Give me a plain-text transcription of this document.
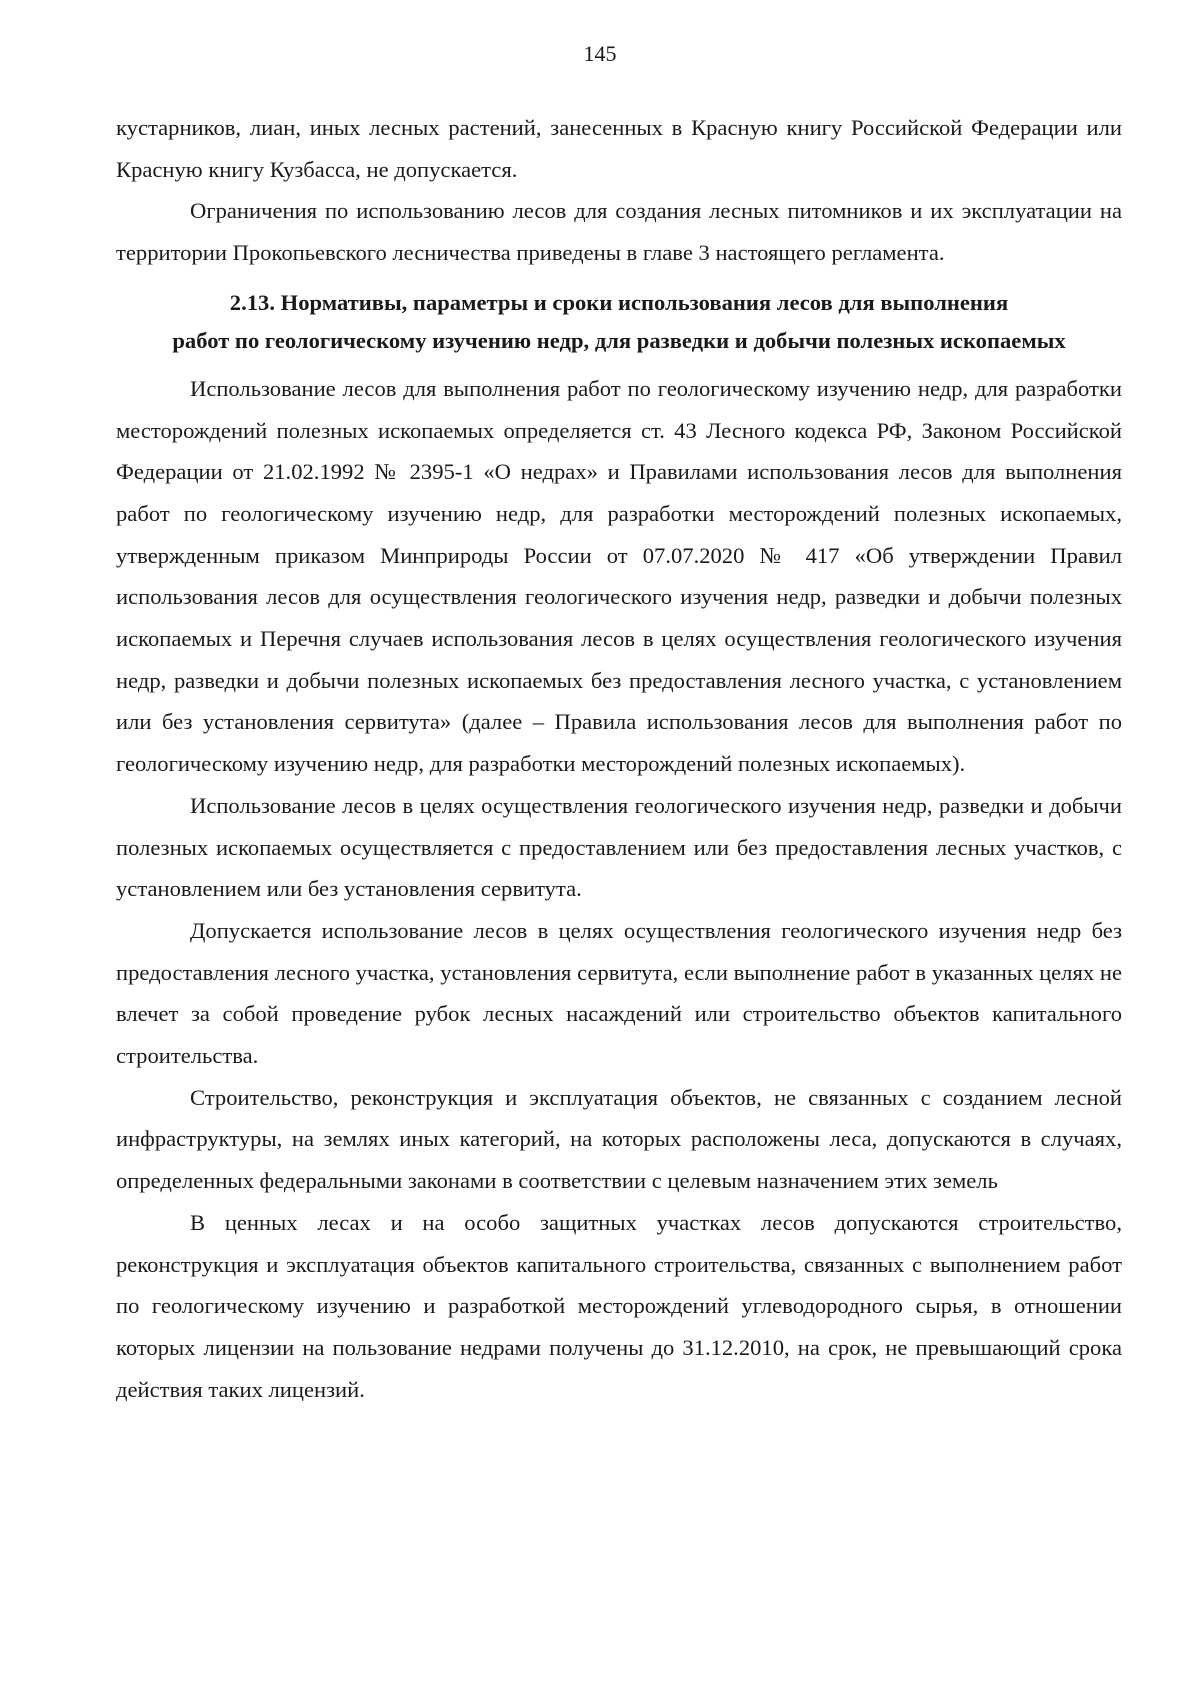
145

кустарников, лиан, иных лесных растений, занесенных в Красную книгу Российской Федерации или Красную книгу Кузбасса, не допускается.

Ограничения по использованию лесов для создания лесных питомников и их эксплуатации на территории Прокопьевского лесничества приведены в главе 3 настоящего регламента.

2.13. Нормативы, параметры и сроки использования лесов для выполнения
работ по геологическому изучению недр, для разведки и добычи полезных ископаемых

Использование лесов для выполнения работ по геологическому изучению недр, для разработки месторождений полезных ископаемых определяется ст. 43 Лесного кодекса РФ, Законом Российской Федерации от 21.02.1992 № 2395-1 «О недрах» и Правилами использования лесов для выполнения работ по геологическому изучению недр, для разработки месторождений полезных ископаемых, утвержденным приказом Минприроды России от 07.07.2020 № 417 «Об утверждении Правил использования лесов для осуществления геологического изучения недр, разведки и добычи полезных ископаемых и Перечня случаев использования лесов в целях осуществления геологического изучения недр, разведки и добычи полезных ископаемых без предоставления лесного участка, с установлением или без установления сервитута» (далее – Правила использования лесов для выполнения работ по геологическому изучению недр, для разработки месторождений полезных ископаемых).

Использование лесов в целях осуществления геологического изучения недр, разведки и добычи полезных ископаемых осуществляется с предоставлением или без предоставления лесных участков, с установлением или без установления сервитута.

Допускается использование лесов в целях осуществления геологического изучения недр без предоставления лесного участка, установления сервитута, если выполнение работ в указанных целях не влечет за собой проведение рубок лесных насаждений или строительство объектов капитального строительства.

Строительство, реконструкция и эксплуатация объектов, не связанных с созданием лесной инфраструктуры, на землях иных категорий, на которых расположены леса, допускаются в случаях, определенных федеральными законами в соответствии с целевым назначением этих земель

В ценных лесах и на особо защитных участках лесов допускаются строительство, реконструкция и эксплуатация объектов капитального строительства, связанных с выполнением работ по геологическому изучению и разработкой месторождений углеводородного сырья, в отношении которых лицензии на пользование недрами получены до 31.12.2010, на срок, не превышающий срока действия таких лицензий.
